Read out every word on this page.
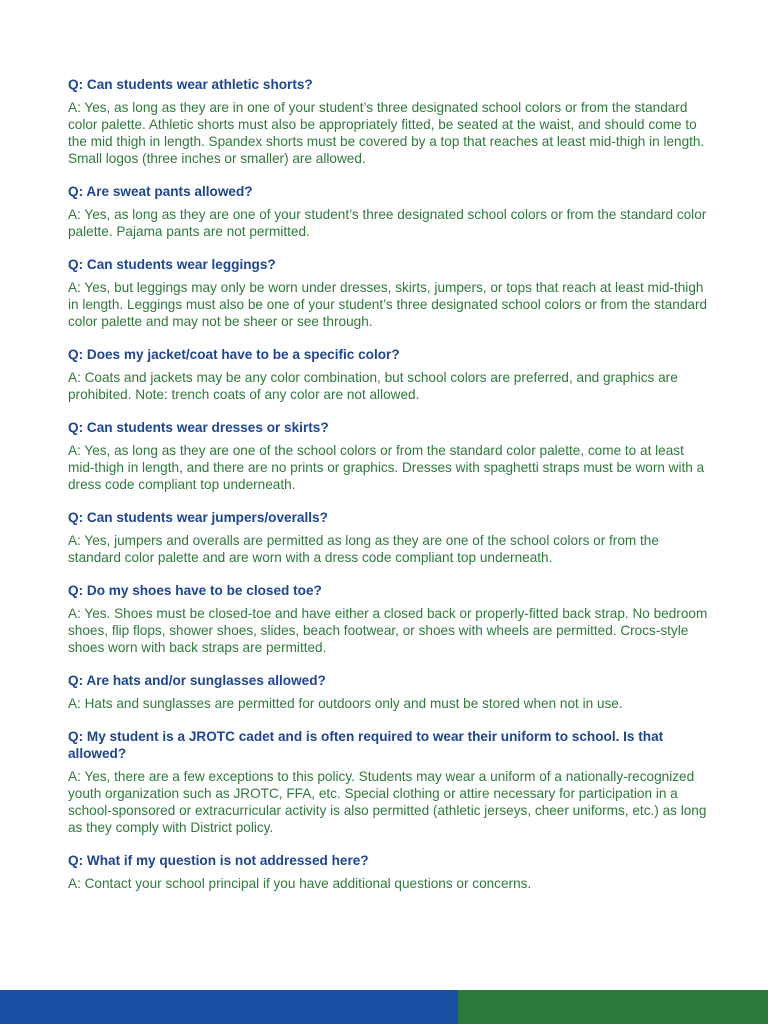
Q: Can students wear athletic shorts?

A: Yes, as long as they are in one of your student’s three designated school colors or from the standard color palette. Athletic shorts must also be appropriately fitted, be seated at the waist, and should come to the mid thigh in length. Spandex shorts must be covered by a top that reaches at least mid-thigh in length. Small logos (three inches or smaller) are allowed.

Q: Are sweat pants allowed?

A: Yes, as long as they are one of your student’s three designated school colors or from the standard color palette. Pajama pants are not permitted.

Q: Can students wear leggings?

A: Yes, but leggings may only be worn under dresses, skirts, jumpers, or tops that reach at least mid-thigh in length. Leggings must also be one of your student’s three designated school colors or from the standard color palette and may not be sheer or see through.

Q: Does my jacket/coat have to be a specific color?

A: Coats and jackets may be any color combination, but school colors are preferred, and graphics are prohibited. Note: trench coats of any color are not allowed.

Q: Can students wear dresses or skirts?

A: Yes, as long as they are one of the school colors or from the standard color palette, come to at least mid-thigh in length, and there are no prints or graphics. Dresses with spaghetti straps must be worn with a dress code compliant top underneath.

Q: Can students wear jumpers/overalls?

A: Yes, jumpers and overalls are permitted as long as they are one of the school colors or from the standard color palette and are worn with a dress code compliant top underneath.

Q: Do my shoes have to be closed toe?

A: Yes. Shoes must be closed-toe and have either a closed back or properly-fitted back strap. No bedroom shoes, flip flops, shower shoes, slides, beach footwear, or shoes with wheels are permitted. Crocs-style shoes worn with back straps are permitted.

Q: Are hats and/or sunglasses allowed?

A: Hats and sunglasses are permitted for outdoors only and must be stored when not in use.

Q: My student is a JROTC cadet and is often required to wear their uniform to school. Is that allowed?

A: Yes, there are a few exceptions to this policy. Students may wear a uniform of a nationally-recognized youth organization such as JROTC, FFA, etc. Special clothing or attire necessary for participation in a school-sponsored or extracurricular activity is also permitted (athletic jerseys, cheer uniforms, etc.) as long as they comply with District policy.

Q: What if my question is not addressed here?

A: Contact your school principal if you have additional questions or concerns.
